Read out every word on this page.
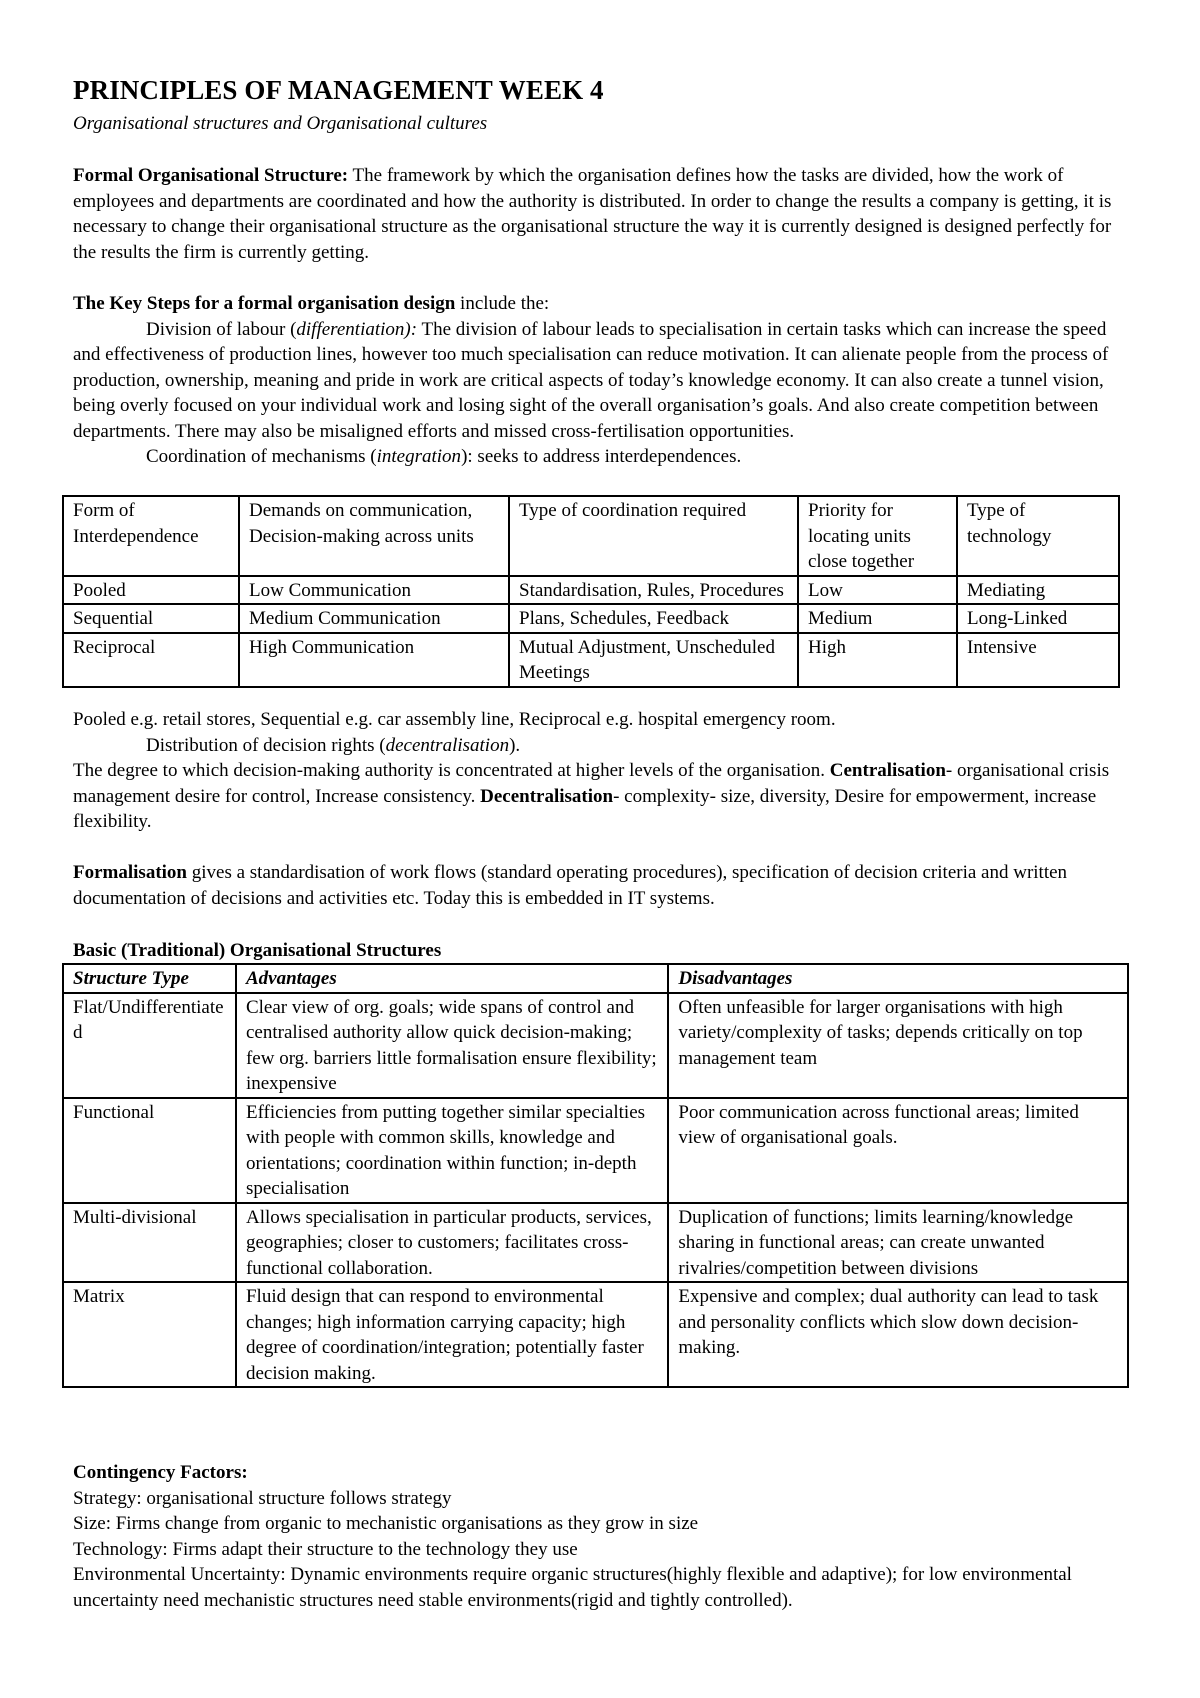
PRINCIPLES OF MANAGEMENT WEEK 4
Organisational structures and Organisational cultures

Formal Organisational Structure: The framework by which the organisation defines how the tasks are divided, how the work of employees and departments are coordinated and how the authority is distributed. In order to change the results a company is getting, it is necessary to change their organisational structure as the organisational structure the way it is currently designed is designed perfectly for the results the firm is currently getting.

The Key Steps for a formal organisation design include the:

Division of labour (differentiation): The division of labour leads to specialisation in certain tasks which can increase the speed and effectiveness of production lines, however too much specialisation can reduce motivation. It can alienate people from the process of production, ownership, meaning and pride in work are critical aspects of today’s knowledge economy. It can also create a tunnel vision, being overly focused on your individual work and losing sight of the overall organisation’s goals. And also create competition between departments. There may also be misaligned efforts and missed cross-fertilisation opportunities.

Coordination of mechanisms (integration): seeks to address interdependences.

Form of Interdependence	Demands on communication, Decision-making across units	Type of coordination required	Priority for locating units close together	Type of technology
Pooled	Low Communication	Standardisation, Rules, Procedures	Low	Mediating
Sequential	Medium Communication	Plans, Schedules, Feedback	Medium	Long-Linked
Reciprocal	High Communication	Mutual Adjustment, Unscheduled Meetings	High	Intensive

Pooled e.g. retail stores, Sequential e.g. car assembly line, Reciprocal e.g. hospital emergency room.

Distribution of decision rights (decentralisation).

The degree to which decision-making authority is concentrated at higher levels of the organisation. Centralisation- organisational crisis management desire for control, Increase consistency. Decentralisation- complexity- size, diversity, Desire for empowerment, increase flexibility.

Formalisation gives a standardisation of work flows (standard operating procedures), specification of decision criteria and written documentation of decisions and activities etc. Today this is embedded in IT systems.

Basic (Traditional) Organisational Structures

Structure Type	Advantages	Disadvantages
Flat/Undifferentiated	Clear view of org. goals; wide spans of control and centralised authority allow quick decision-making; few org. barriers little formalisation ensure flexibility; inexpensive	Often unfeasible for larger organisations with high variety/complexity of tasks; depends critically on top management team
Functional	Efficiencies from putting together similar specialties with people with common skills, knowledge and orientations; coordination within function; in-depth specialisation	Poor communication across functional areas; limited view of organisational goals.
Multi-divisional	Allows specialisation in particular products, services, geographies; closer to customers; facilitates cross-functional collaboration.	Duplication of functions; limits learning/knowledge sharing in functional areas; can create unwanted rivalries/competition between divisions
Matrix	Fluid design that can respond to environmental changes; high information carrying capacity; high degree of coordination/integration; potentially faster decision making.	Expensive and complex; dual authority can lead to task and personality conflicts which slow down decision-making.

Contingency Factors:

Strategy: organisational structure follows strategy

Size: Firms change from organic to mechanistic organisations as they grow in size

Technology: Firms adapt their structure to the technology they use

Environmental Uncertainty: Dynamic environments require organic structures(highly flexible and adaptive); for low environmental uncertainty need mechanistic structures need stable environments(rigid and tightly controlled).
